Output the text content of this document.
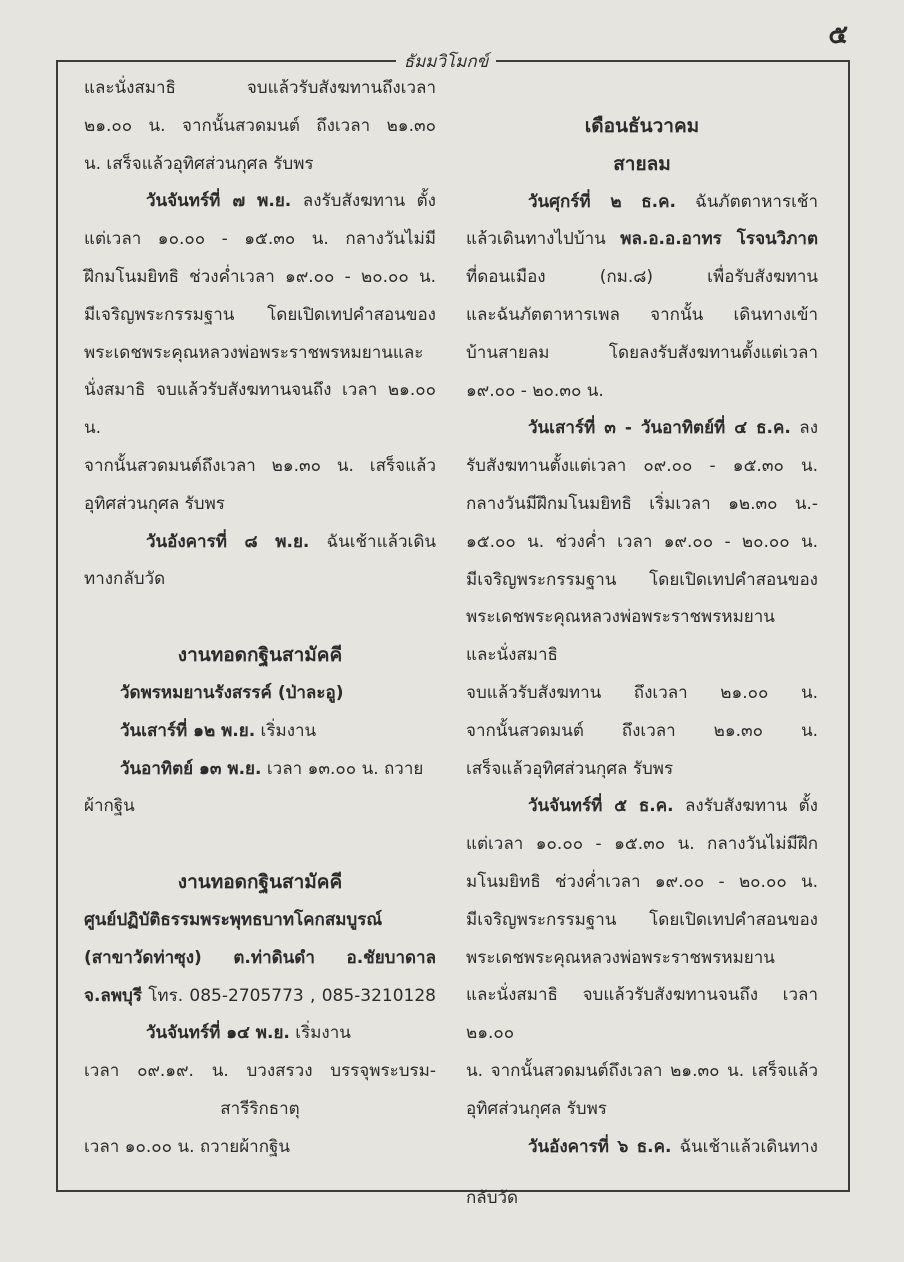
๕
ธัมมวิโมกข์

และนั่งสมาธิ จบแล้วรับสังฆทานถึงเวลา

๒๑.๐๐ น. จากนั้นสวดมนต์ ถึงเวลา ๒๑.๓๐

น. เสร็จแล้วอุทิศส่วนกุศล รับพร

วันจันทร์ที่ ๗ พ.ย. ลงรับสังฆทาน ตั้ง

แต่เวลา ๑๐.๐๐ - ๑๕.๓๐ น. กลางวันไม่มี

ฝึกมโนมยิทธิ ช่วงค่ำเวลา ๑๙.๐๐ - ๒๐.๐๐ น.

มีเจริญพระกรรมฐาน โดยเปิดเทปคำสอนของ

พระเดชพระคุณหลวงพ่อพระราชพรหมยานและ

นั่งสมาธิ จบแล้วรับสังฆทานจนถึง เวลา ๒๑.๐๐ น.

จากนั้นสวดมนต์ถึงเวลา ๒๑.๓๐ น. เสร็จแล้ว

อุทิศส่วนกุศล รับพร

วันอังคารที่ ๘ พ.ย. ฉันเช้าแล้วเดิน

ทางกลับวัด

งานทอดกฐินสามัคคี

วัดพรหมยานรังสรรค์ (ป่าละอู)

วันเสาร์ที่ ๑๒ พ.ย. เริ่มงาน

วันอาทิตย์ ๑๓ พ.ย. เวลา ๑๓.๐๐ น. ถวาย

ผ้ากฐิน

งานทอดกฐินสามัคคี

ศูนย์ปฏิบัติธรรมพระพุทธบาทโคกสมบูรณ์

(สาขาวัดท่าซุง) ต.ท่าดินดำ อ.ชัยบาดาล

จ.ลพบุรี โทร. 085-2705773 , 085-3210128

วันจันทร์ที่ ๑๔ พ.ย. เริ่มงาน

เวลา ๐๙.๑๙. น. บวงสรวง บรรจุพระบรม-

สารีริกธาตุ

เวลา ๑๐.๐๐ น. ถวายผ้ากฐิน

เดือนธันวาคม

สายลม

วันศุกร์ที่ ๒ ธ.ค. ฉันภัตตาหารเช้า

แล้วเดินทางไปบ้าน พล.อ.อ.อาทร โรจนวิภาต

ที่ดอนเมือง (กม.๘) เพื่อรับสังฆทาน

และฉันภัตตาหารเพล จากนั้น เดินทางเข้า

บ้านสายลม โดยลงรับสังฆทานตั้งแต่เวลา

๑๙.๐๐ - ๒๐.๓๐ น.

วันเสาร์ที่ ๓ - วันอาทิตย์ที่ ๔ ธ.ค. ลง

รับสังฆทานตั้งแต่เวลา ๐๙.๐๐ - ๑๕.๓๐ น.

กลางวันมีฝึกมโนมยิทธิ เริ่มเวลา ๑๒.๓๐ น.-

๑๕.๐๐ น. ช่วงค่ำ เวลา ๑๙.๐๐ - ๒๐.๐๐ น.

มีเจริญพระกรรมฐาน โดยเปิดเทปคำสอนของ

พระเดชพระคุณหลวงพ่อพระราชพรหมยาน

และนั่งสมาธิ

จบแล้วรับสังฆทาน ถึงเวลา ๒๑.๐๐ น.

จากนั้นสวดมนต์ ถึงเวลา ๒๑.๓๐ น.

เสร็จแล้วอุทิศส่วนกุศล รับพร

วันจันทร์ที่ ๕ ธ.ค. ลงรับสังฆทาน ตั้ง

แต่เวลา ๑๐.๐๐ - ๑๕.๓๐ น. กลางวันไม่มีฝึก

มโนมยิทธิ ช่วงค่ำเวลา ๑๙.๐๐ - ๒๐.๐๐ น.

มีเจริญพระกรรมฐาน โดยเปิดเทปคำสอนของ

พระเดชพระคุณหลวงพ่อพระราชพรหมยาน

และนั่งสมาธิ จบแล้วรับสังฆทานจนถึง เวลา ๒๑.๐๐

น. จากนั้นสวดมนต์ถึงเวลา ๒๑.๓๐ น. เสร็จแล้ว

อุทิศส่วนกุศล รับพร

วันอังคารที่ ๖ ธ.ค. ฉันเช้าแล้วเดินทาง

กลับวัด
